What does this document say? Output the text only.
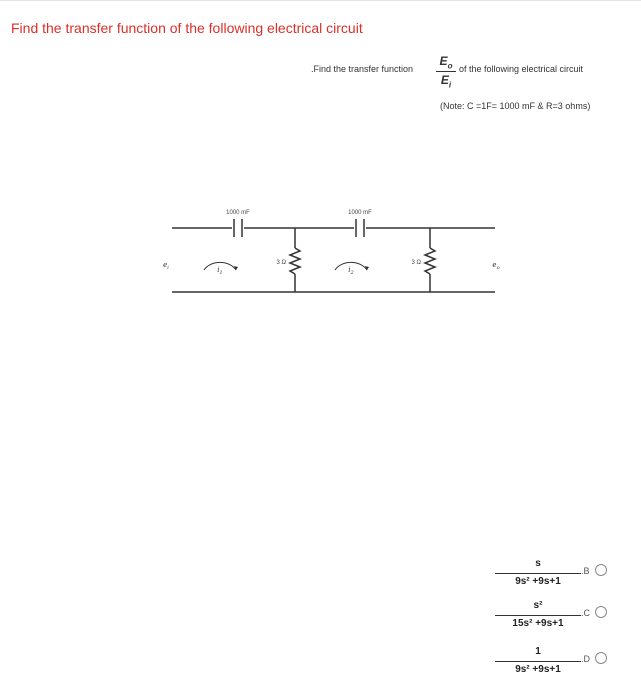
Find the transfer function of the following electrical circuit
.Find the transfer function
$E_o$
$E_i$
of the following electrical circuit
(Note: C =1F= 1000 mF & R=3 ohms)
1000 mF	1000 mF
3 Ω	3 Ω
$i_1$	$i_2$
$e_i$	$e_o$
s
9s² +9s+1
.B
s²
15s² +9s+1
.C
1
9s² +9s+1
.D
